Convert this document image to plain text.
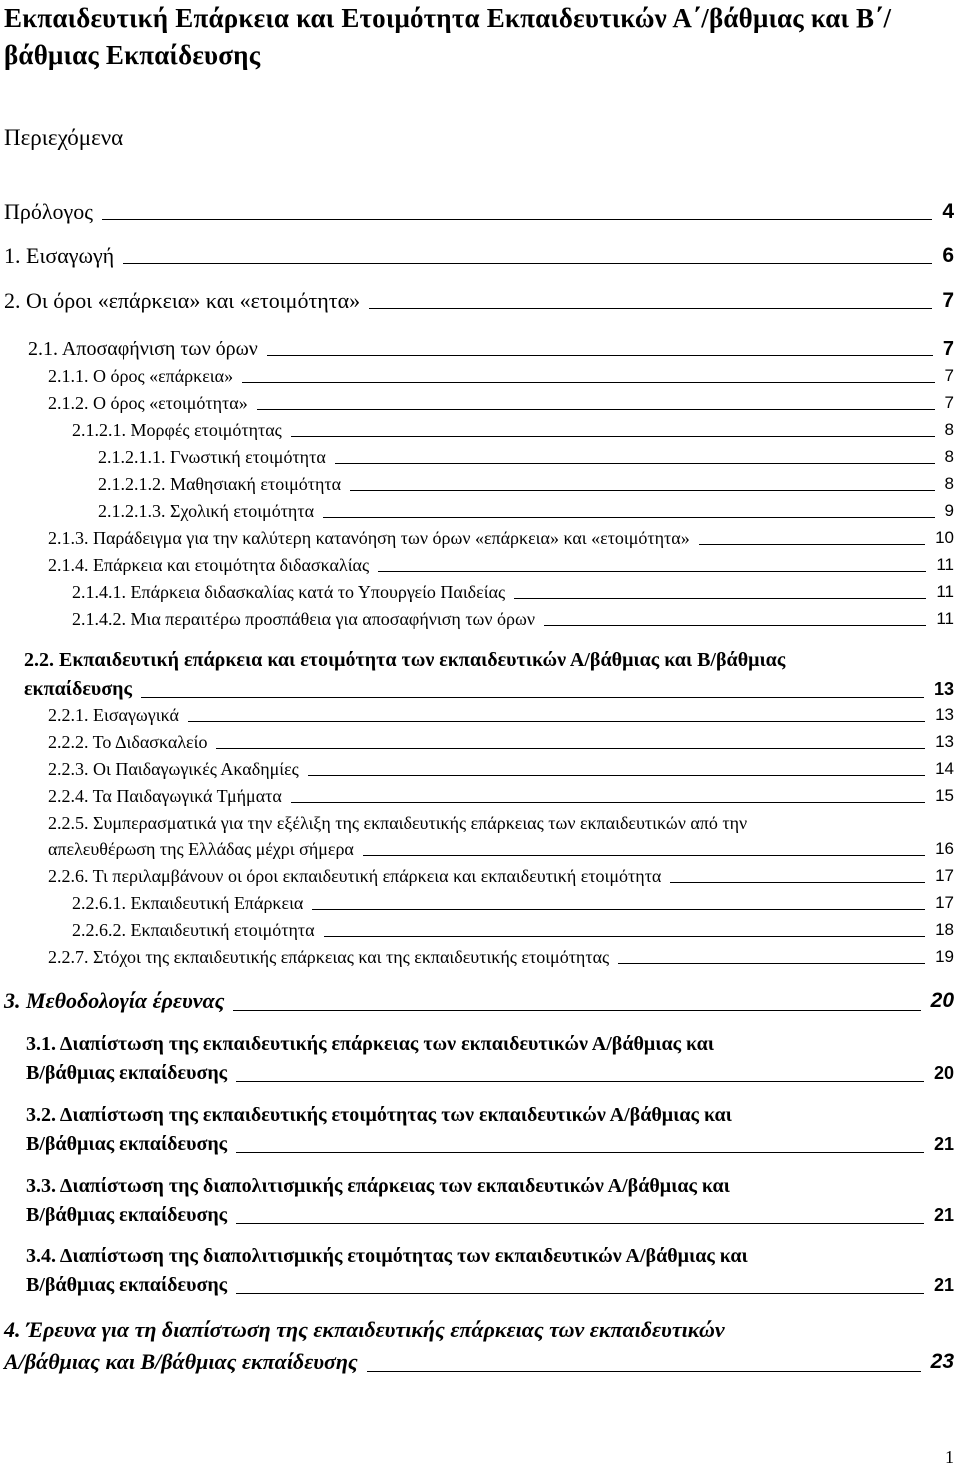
Εκπαιδευτική Επάρκεια και Ετοιμότητα Εκπαιδευτικών Α΄/βάθμιας και Β΄/βάθμιας Εκπαίδευσης
Περιεχόμενα
Πρόλογος	4
1. Εισαγωγή	6
2. Οι όροι «επάρκεια» και «ετοιμότητα»	7
2.1. Αποσαφήνιση των όρων	7
2.1.1. Ο όρος «επάρκεια»	7
2.1.2. Ο όρος «ετοιμότητα»	7
2.1.2.1. Μορφές ετοιμότητας	8
2.1.2.1.1. Γνωστική ετοιμότητα	8
2.1.2.1.2. Μαθησιακή ετοιμότητα	8
2.1.2.1.3. Σχολική ετοιμότητα	9
2.1.3. Παράδειγμα για την καλύτερη κατανόηση των όρων «επάρκεια» και «ετοιμότητα»	10
2.1.4. Επάρκεια και ετοιμότητα διδασκαλίας	11
2.1.4.1. Επάρκεια διδασκαλίας κατά το Υπουργείο Παιδείας	11
2.1.4.2. Μια περαιτέρω προσπάθεια για αποσαφήνιση των όρων	11
2.2. Εκπαιδευτική επάρκεια και ετοιμότητα των εκπαιδευτικών Α/βάθμιας και Β/βάθμιας
εκπαίδευσης	13
2.2.1. Εισαγωγικά	13
2.2.2. Το Διδασκαλείο	13
2.2.3. Οι Παιδαγωγικές Ακαδημίες	14
2.2.4. Τα Παιδαγωγικά Τμήματα	15
2.2.5. Συμπερασματικά για την εξέλιξη της εκπαιδευτικής επάρκειας των εκπαιδευτικών από την
απελευθέρωση της Ελλάδας μέχρι σήμερα	16
2.2.6. Τι περιλαμβάνουν οι όροι εκπαιδευτική επάρκεια και εκπαιδευτική ετοιμότητα	17
2.2.6.1. Εκπαιδευτική Επάρκεια	17
2.2.6.2. Εκπαιδευτική ετοιμότητα	18
2.2.7. Στόχοι της εκπαιδευτικής επάρκειας και της εκπαιδευτικής ετοιμότητας	19
3. Μεθοδολογία έρευνας	20
3.1. Διαπίστωση της εκπαιδευτικής επάρκειας των εκπαιδευτικών Α/βάθμιας και
Β/βάθμιας εκπαίδευσης	20
3.2. Διαπίστωση της εκπαιδευτικής ετοιμότητας των εκπαιδευτικών Α/βάθμιας και
Β/βάθμιας εκπαίδευσης	21
3.3. Διαπίστωση της διαπολιτισμικής επάρκειας των εκπαιδευτικών Α/βάθμιας και
Β/βάθμιας εκπαίδευσης	21
3.4. Διαπίστωση της διαπολιτισμικής ετοιμότητας των εκπαιδευτικών Α/βάθμιας και
Β/βάθμιας εκπαίδευσης	21
4. Έρευνα για τη διαπίστωση της εκπαιδευτικής επάρκειας των εκπαιδευτικών
Α/βάθμιας και Β/βάθμιας εκπαίδευσης	23
1
